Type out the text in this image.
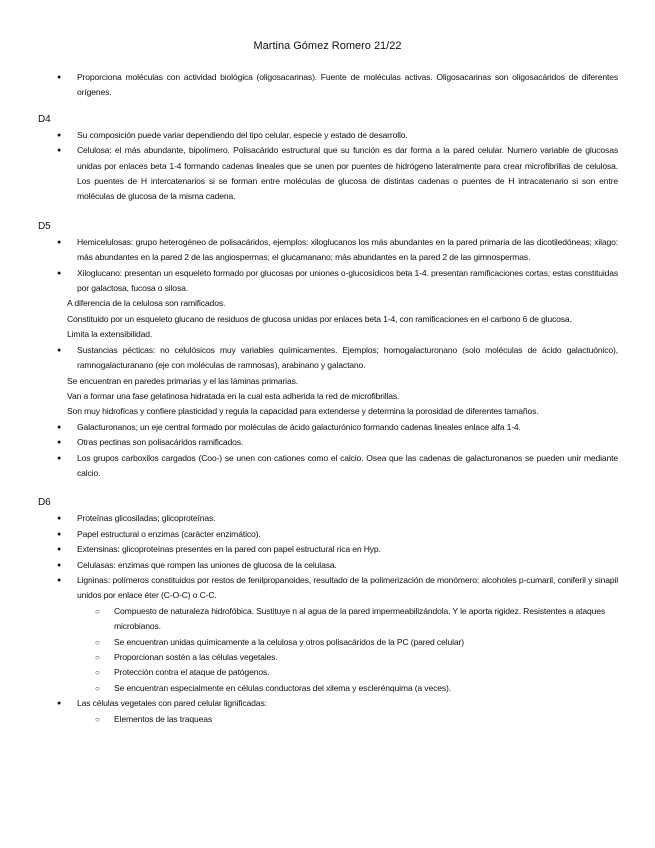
Martina Gómez Romero 21/22
● Proporciona moléculas con actividad biológica (oligosacarinas). Fuente de moléculas activas. Oligosacarinas son oligosacáridos de diferentes orígenes.
D4
● Su composición puede variar dependiendo del tipo celular, especie y estado de desarrollo.
● Celulosa: el más abundante, bipolímero. Polisacárido estructural que su función es dar forma a la pared celular. Numero variable de glucosas unidas por enlaces beta 1-4 formando cadenas lineales que se unen por puentes de hidrógeno lateralmente para crear microfibrillas de celulosa. Los puentes de H intercatenarios si se forman entre moléculas de glucosa de distintas cadenas o puentes de H intracatenario si son entre moléculas de glucosa de la misma cadena.
D5
● Hemicelulosas: grupo heterogéneo de polisacáridos, ejemplos: xiloglucanos los más abundantes en la pared primaria de las dicotiledóneas; xilago: más abundantes en la pared 2 de las angiospermas; el glucamanano; más abundantes en la pared 2 de las gimnospermas.
● Xiloglucano: presentan un esqueleto formado por glucosas por uniones o-glucosídicos beta 1-4. presentan ramificaciones cortas; estas constituidas por galactosa, fucosa o silosa.

A diferencia de la celulosa son ramificados.

Constituido por un esqueleto glucano de residuos de glucosa unidas por enlaces beta 1-4, con ramificaciones en el carbono 6 de glucosa.

Limita la extensibilidad.

● Sustancias pécticas: no celulósicos muy variables químicamentes. Ejemplos; homogalacturonano (solo moléculas de ácido galactuónico), ramnogalacturanano (eje con moléculas de ramnosas), arabinano y galactano.

Se encuentran en paredes primarias y el las láminas primarias.

Van a formar una fase gelatinosa hidratada en la cual esta adherida la red de microfibrillas.

Son muy hidrofícas y confiere plasticidad y regula la capacidad para extenderse y determina la porosidad de diferentes tamaños.

● Galacturonanos; un eje central formado por moléculas de ácido galacturónico formando cadenas lineales enlace alfa 1-4.
● Otras pectinas son polisacáridos ramificados.
● Los grupos carboxilos cargados (Coo-) se unen con cationes como el calcio. Osea que las cadenas de galacturonanos se pueden unir mediante calcio.
D6
● Proteínas glicosiladas; glicoproteínas.
● Papel estructural o enzimas (carácter enzimático).
● Extensinas: glicoproteínas presentes en la pared con papel estructural rica en Hyp.
● Celulasas: enzimas que rompen las uniones de glucosa de la celulasa.
● Ligninas: polímeros constituidos por restos de fenilpropanoides, resultado de la polimerización de monómero: alcoholes p-cumaril, coniferil y sinapil unidos por enlace éter (C-O-C) o C-C.
○ Compuesto de naturaleza hidrofóbica. Sustituye n al agua de la pared impermeabilizándola. Y le aporta rigidez. Resistentes a ataques microbianos.
○ Se encuentran unidas químicamente a la celulosa y otros polisacáridos de la PC (pared celular)
○ Proporcionan sostén a las células vegetales.
○ Protección contra el ataque de patógenos.
○ Se encuentran especialmente en células conductoras del xilema y esclerénquima (a veces).
● Las células vegetales con pared celular lignificadas:
○ Elementos de las traqueas
